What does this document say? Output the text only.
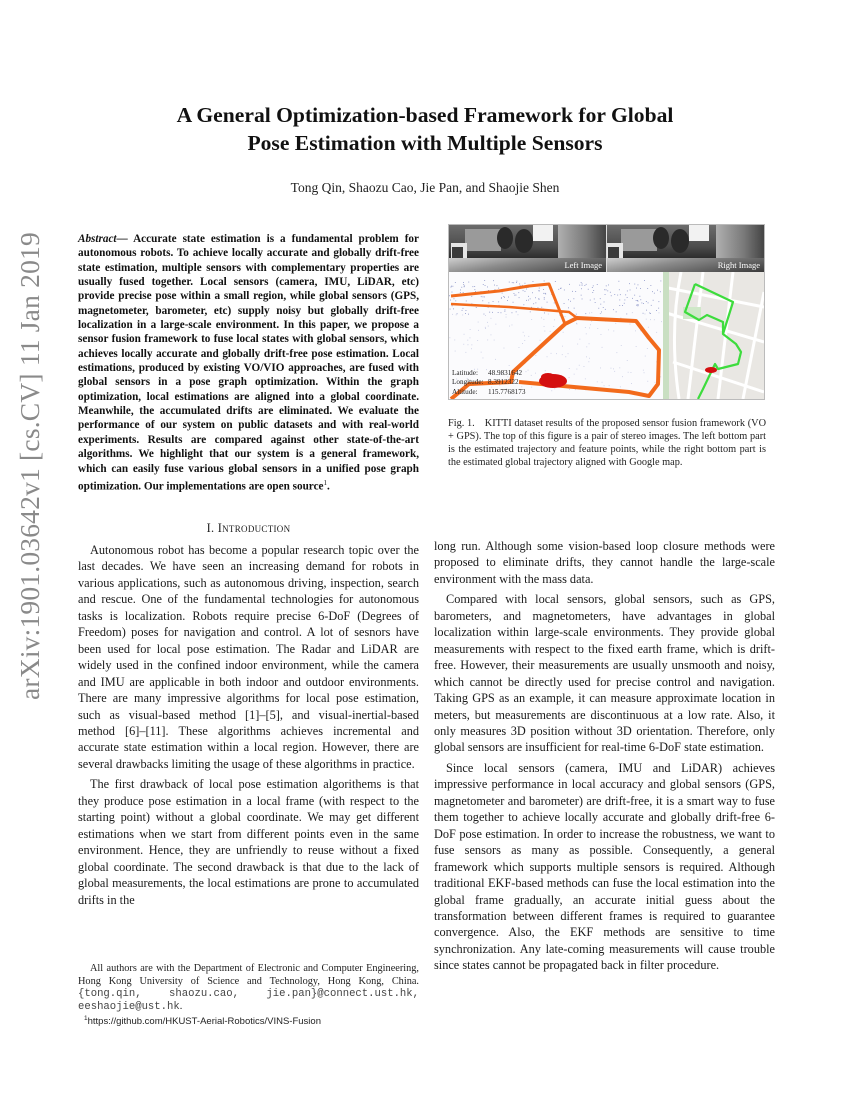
arXiv:1901.03642v1 [cs.CV] 11 Jan 2019
A General Optimization-based Framework for Global
Pose Estimation with Multiple Sensors
Tong Qin, Shaozu Cao, Jie Pan, and Shaojie Shen
Abstract— Accurate state estimation is a fundamental problem for autonomous robots. To achieve locally accurate and globally drift-free state estimation, multiple sensors with complementary properties are usually fused together. Local sensors (camera, IMU, LiDAR, etc) provide precise pose within a small region, while global sensors (GPS, magnetometer, barometer, etc) supply noisy but globally drift-free localization in a large-scale environment. In this paper, we propose a sensor fusion framework to fuse local states with global sensors, which achieves locally accurate and globally drift-free pose estimation. Local estimations, produced by existing VO/VIO approaches, are fused with global sensors in a pose graph optimization. Within the graph optimization, local estimations are aligned into a global coordinate. Meanwhile, the accumulated drifts are eliminated. We evaluate the performance of our system on public datasets and with real-world experiments. Results are compared against other state-of-the-art algorithms. We highlight that our system is a general framework, which can easily fuse various global sensors in a unified pose graph optimization. Our implementations are open source$^1$.
Left Image	Right Image
Latitude: 48.9831642
Longitude: 8.3912322
Altitude: 115.7768173
Fig. 1. KITTI dataset results of the proposed sensor fusion framework (VO + GPS). The top of this figure is a pair of stereo images. The left bottom part is the estimated trajectory and feature points, while the right bottom part is the estimated global trajectory aligned with Google map.
I. Introduction

Autonomous robot has become a popular research topic over the last decades. We have seen an increasing demand for robots in various applications, such as autonomous driving, inspection, search and rescue. One of the fundamental technologies for autonomous tasks is localization. Robots require precise 6-DoF (Degrees of Freedom) poses for navigation and control. A lot of sesnors have been used for local pose estimation. The Radar and LiDAR are widely used in the confined indoor environment, while the camera and IMU are applicable in both indoor and outdoor environments. There are many impressive algorithms for local pose estimation, such as visual-based method [1]–[5], and visual-inertial-based method [6]–[11]. These algorithms achieves incremental and accurate state estimation within a local region. However, there are several drawbacks limiting the usage of these algorithms in practice.

The first drawback of local pose estimation algorithems is that they produce pose estimation in a local frame (with respect to the starting point) without a global coordinate. We may get different estimations when we start from different points even in the same environment. Hence, they are unfriendly to reuse without a fixed global coordinate. The second drawback is that due to the lack of global measurements, the local estimations are prone to accumulated drifts in the

long run. Although some vision-based loop closure methods were proposed to eliminate drifts, they cannot handle the large-scale environment with the mass data.

Compared with local sensors, global sensors, such as GPS, barometers, and magnetometers, have advantages in global localization within large-scale environments. They provide global measurements with respect to the fixed earth frame, which is drift-free. However, their measurements are usually unsmooth and noisy, which cannot be directly used for precise control and navigation. Taking GPS as an example, it can measure approximate location in meters, but measurements are discontinuous at a low rate. Also, it only measures 3D position without 3D orientation. Therefore, only global sensors are insufficient for real-time 6-DoF state estimation.

Since local sensors (camera, IMU and LiDAR) achieves impressive performance in local accuracy and global sensors (GPS, magnetometer and barometer) are drift-free, it is a smart way to fuse them together to achieve locally accurate and globally drift-free 6-DoF pose estimation. In order to increase the robustness, we want to fuse sensors as many as possible. Consequently, a general framework which supports multiple sensors is required. Although traditional EKF-based methods can fuse the local estimation into the global frame gradually, an accurate initial guess about the transformation between different frames is required to guarantee convergence. Also, the EKF methods are sensitive to time synchronization. Any late-coming measurements will cause trouble since states cannot be propagated back in filter procedure.

All authors are with the Department of Electronic and Computer Engineering, Hong Kong University of Science and Technology, Hong Kong, China. {tong.qin, shaozu.cao, jie.pan}@connect.ust.hk, eeshaojie@ust.hk.
$^1$https://github.com/HKUST-Aerial-Robotics/VINS-Fusion
